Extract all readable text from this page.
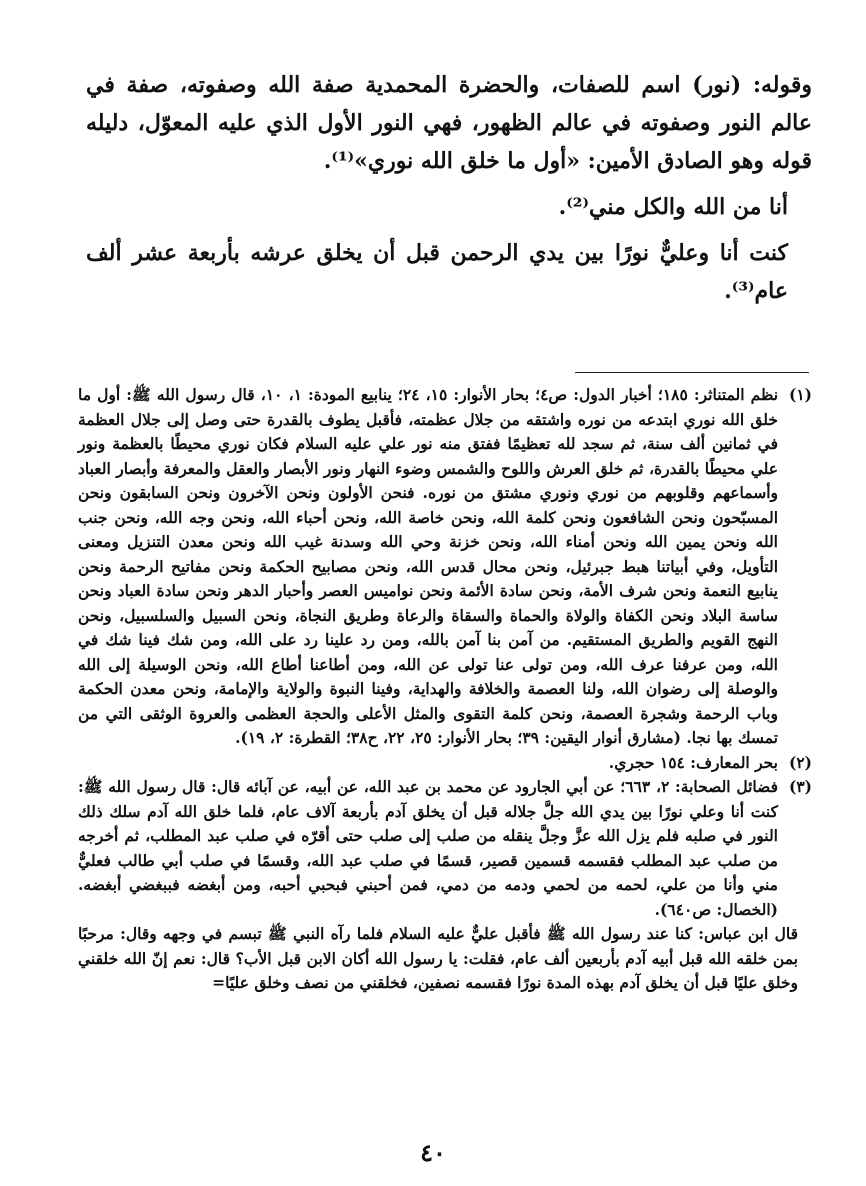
وقوله: (نور) اسم للصفات، والحضرة المحمدية صفة الله وصفوته، صفة في عالم النور وصفوته في عالم الظهور، فهي النور الأول الذي عليه المعوّل، دليله قوله وهو الصادق الأمين: «أول ما خلق الله نوري»⁽¹⁾.

أنا من الله والكل مني⁽²⁾.

كنت أنا وعليٌّ نورًا بين يدي الرحمن قبل أن يخلق عرشه بأربعة عشر ألف عام⁽³⁾.

(١)

نظم المتناثر: ١٨٥؛ أخبار الدول: ص٤؛ بحار الأنوار: ١٥، ٢٤؛ ينابيع المودة: ١، ١٠، قال رسول الله ﷺ: أول ما خلق الله نوري ابتدعه من نوره واشتقه من جلال عظمته، فأقبل يطوف بالقدرة حتى وصل إلى جلال العظمة في ثمانين ألف سنة، ثم سجد لله تعظيمًا ففتق منه نور علي عليه السلام فكان نوري محيطًا بالعظمة ونور علي محيطًا بالقدرة، ثم خلق العرش واللوح والشمس وضوء النهار ونور الأبصار والعقل والمعرفة وأبصار العباد وأسماعهم وقلوبهم من نوري ونوري مشتق من نوره. فنحن الأولون ونحن الآخرون ونحن السابقون ونحن المسبّحون ونحن الشافعون ونحن كلمة الله، ونحن خاصة الله، ونحن أحباء الله، ونحن وجه الله، ونحن جنب الله ونحن يمين الله ونحن أمناء الله، ونحن خزنة وحي الله وسدنة غيب الله ونحن معدن التنزيل ومعنى التأويل، وفي أبياتنا هبط جبرئيل، ونحن محال قدس الله، ونحن مصابيح الحكمة ونحن مفاتيح الرحمة ونحن ينابيع النعمة ونحن شرف الأمة، ونحن سادة الأئمة ونحن نواميس العصر وأحبار الدهر ونحن سادة العباد ونحن ساسة البلاد ونحن الكفاة والولاة والحماة والسقاة والرعاة وطريق النجاة، ونحن السبيل والسلسبيل، ونحن النهج القويم والطريق المستقيم. من آمن بنا آمن بالله، ومن رد علينا رد على الله، ومن شك فينا شك في الله، ومن عرفنا عرف الله، ومن تولى عنا تولى عن الله، ومن أطاعنا أطاع الله، ونحن الوسيلة إلى الله والوصلة إلى رضوان الله، ولنا العصمة والخلافة والهداية، وفينا النبوة والولاية والإمامة، ونحن معدن الحكمة وباب الرحمة وشجرة العصمة، ونحن كلمة التقوى والمثل الأعلى والحجة العظمى والعروة الوثقى التي من تمسك بها نجا. (مشارق أنوار اليقين: ٣٩؛ بحار الأنوار: ٢٥، ٢٢، ح٣٨؛ القطرة: ٢، ١٩).

(٢)

بحر المعارف: ١٥٤ حجري.

(٣)

فضائل الصحابة: ٢، ٦٦٣؛ عن أبي الجارود عن محمد بن عبد الله، عن أبيه، عن آبائه قال: قال رسول الله ﷺ: كنت أنا وعلي نورًا بين يدي الله جلَّ جلاله قبل أن يخلق آدم بأربعة آلاف عام، فلما خلق الله آدم سلك ذلك النور في صلبه فلم يزل الله عزَّ وجلَّ ينقله من صلب إلى صلب حتى أقرّه في صلب عبد المطلب، ثم أخرجه من صلب عبد المطلب فقسمه قسمين قصير، قسمًا في صلب عبد الله، وقسمًا في صلب أبي طالب فعليٌّ مني وأنا من علي، لحمه من لحمي ودمه من دمي، فمن أحبني فبحبي أحبه، ومن أبغضه فببغضي أبغضه. (الخصال: ص٦٤٠).

قال ابن عباس: كنا عند رسول الله ﷺ فأقبل عليٌّ عليه السلام فلما رآه النبي ﷺ تبسم في وجهه وقال: مرحبًا بمن خلقه الله قبل أبيه آدم بأربعين ألف عام، فقلت: يا رسول الله أكان الابن قبل الأب؟ قال: نعم إنّ الله خلقني وخلق عليًا قبل أن يخلق آدم بهذه المدة نورًا فقسمه نصفين، فخلقني من نصف وخلق عليًا=

٤٠
